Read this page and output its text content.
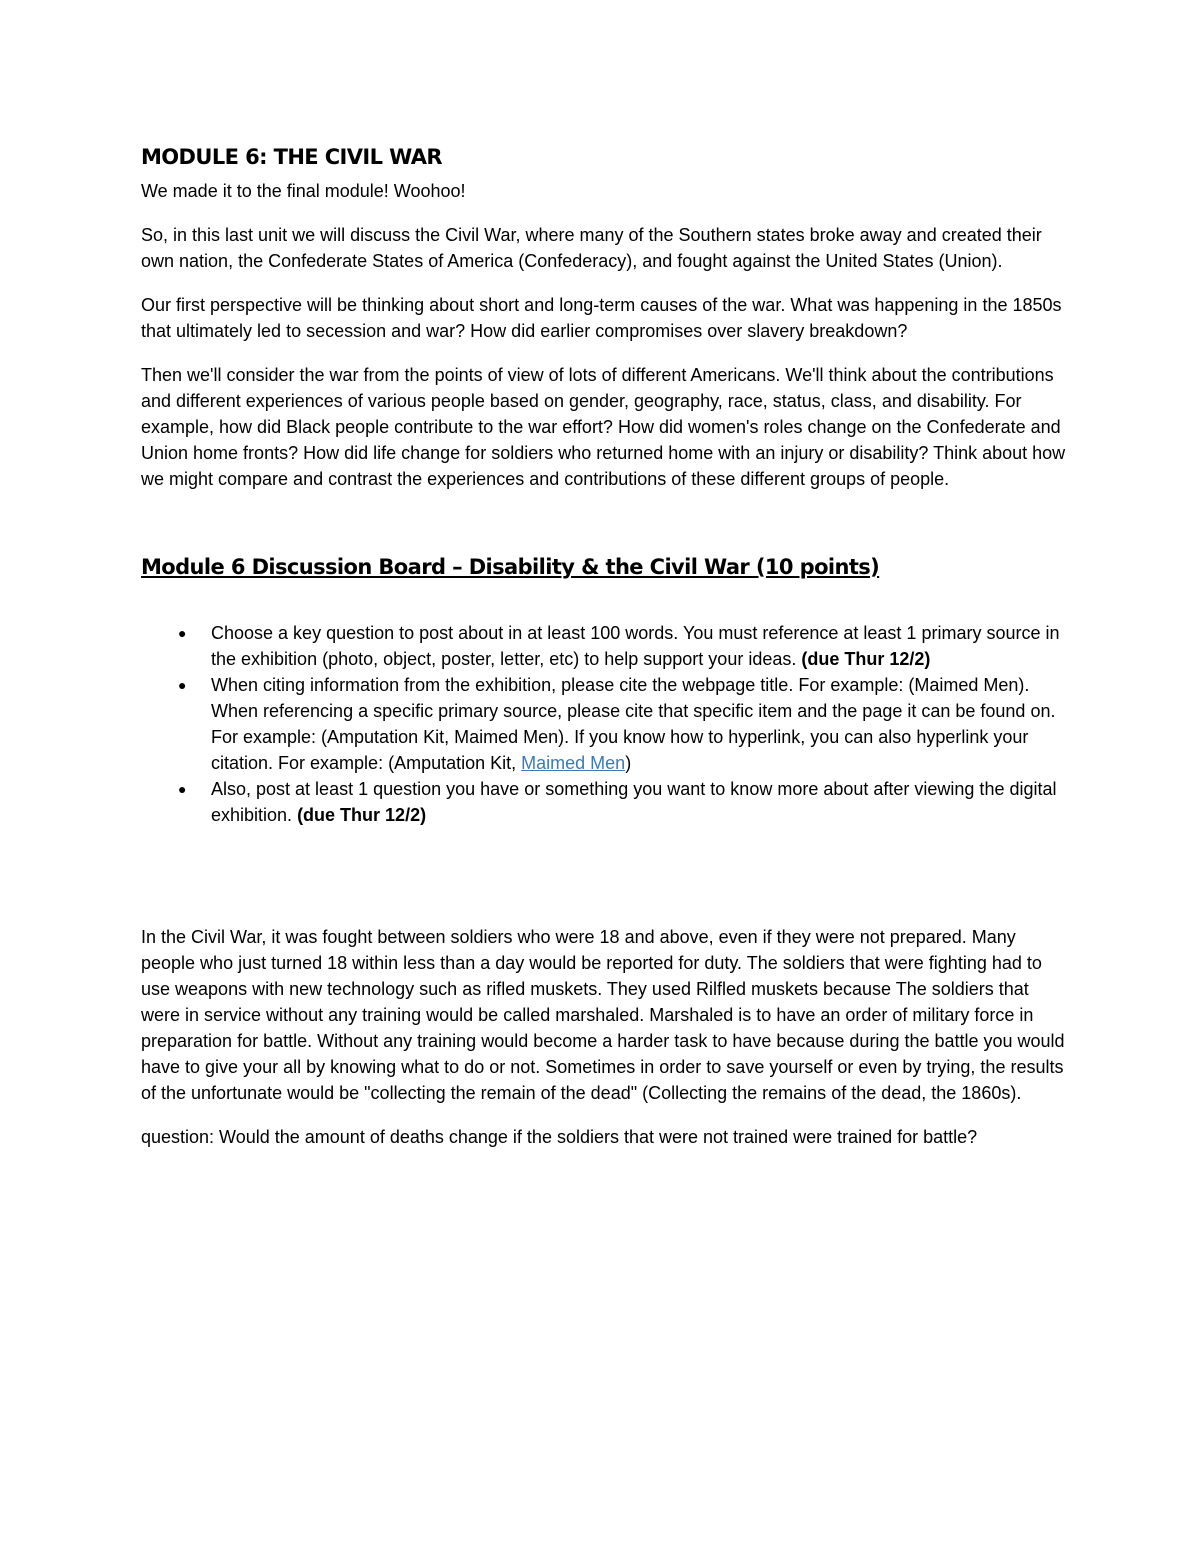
MODULE 6: THE CIVIL WAR

We made it to the final module! Woohoo!

So, in this last unit we will discuss the Civil War, where many of the Southern states broke away and created their own nation, the Confederate States of America (Confederacy), and fought against the United States (Union).

Our first perspective will be thinking about short and long-term causes of the war. What was happening in the 1850s that ultimately led to secession and war? How did earlier compromises over slavery breakdown?

Then we'll consider the war from the points of view of lots of different Americans. We'll think about the contributions and different experiences of various people based on gender, geography, race, status, class, and disability. For example, how did Black people contribute to the war effort? How did women's roles change on the Confederate and Union home fronts? How did life change for soldiers who returned home with an injury or disability? Think about how we might compare and contrast the experiences and contributions of these different groups of people.

Module 6 Discussion Board – Disability & the Civil War (10 points)
● Choose a key question to post about in at least 100 words. You must reference at least 1 primary source in the exhibition (photo, object, poster, letter, etc) to help support your ideas. (due Thur 12/2)
● When citing information from the exhibition, please cite the webpage title. For example: (Maimed Men). When referencing a specific primary source, please cite that specific item and the page it can be found on. For example: (Amputation Kit, Maimed Men). If you know how to hyperlink, you can also hyperlink your citation. For example: (Amputation Kit, Maimed Men)
● Also, post at least 1 question you have or something you want to know more about after viewing the digital exhibition. (due Thur 12/2)

In the Civil War, it was fought between soldiers who were 18 and above, even if they were not prepared. Many people who just turned 18 within less than a day would be reported for duty. The soldiers that were fighting had to use weapons with new technology such as rifled muskets. They used Rilfled muskets because The soldiers that were in service without any training would be called marshaled. Marshaled is to have an order of military force in preparation for battle. Without any training would become a harder task to have because during the battle you would have to give your all by knowing what to do or not. Sometimes in order to save yourself or even by trying, the results of the unfortunate would be "collecting the remain of the dead" (Collecting the remains of the dead, the 1860s).

question: Would the amount of deaths change if the soldiers that were not trained were trained for battle?
